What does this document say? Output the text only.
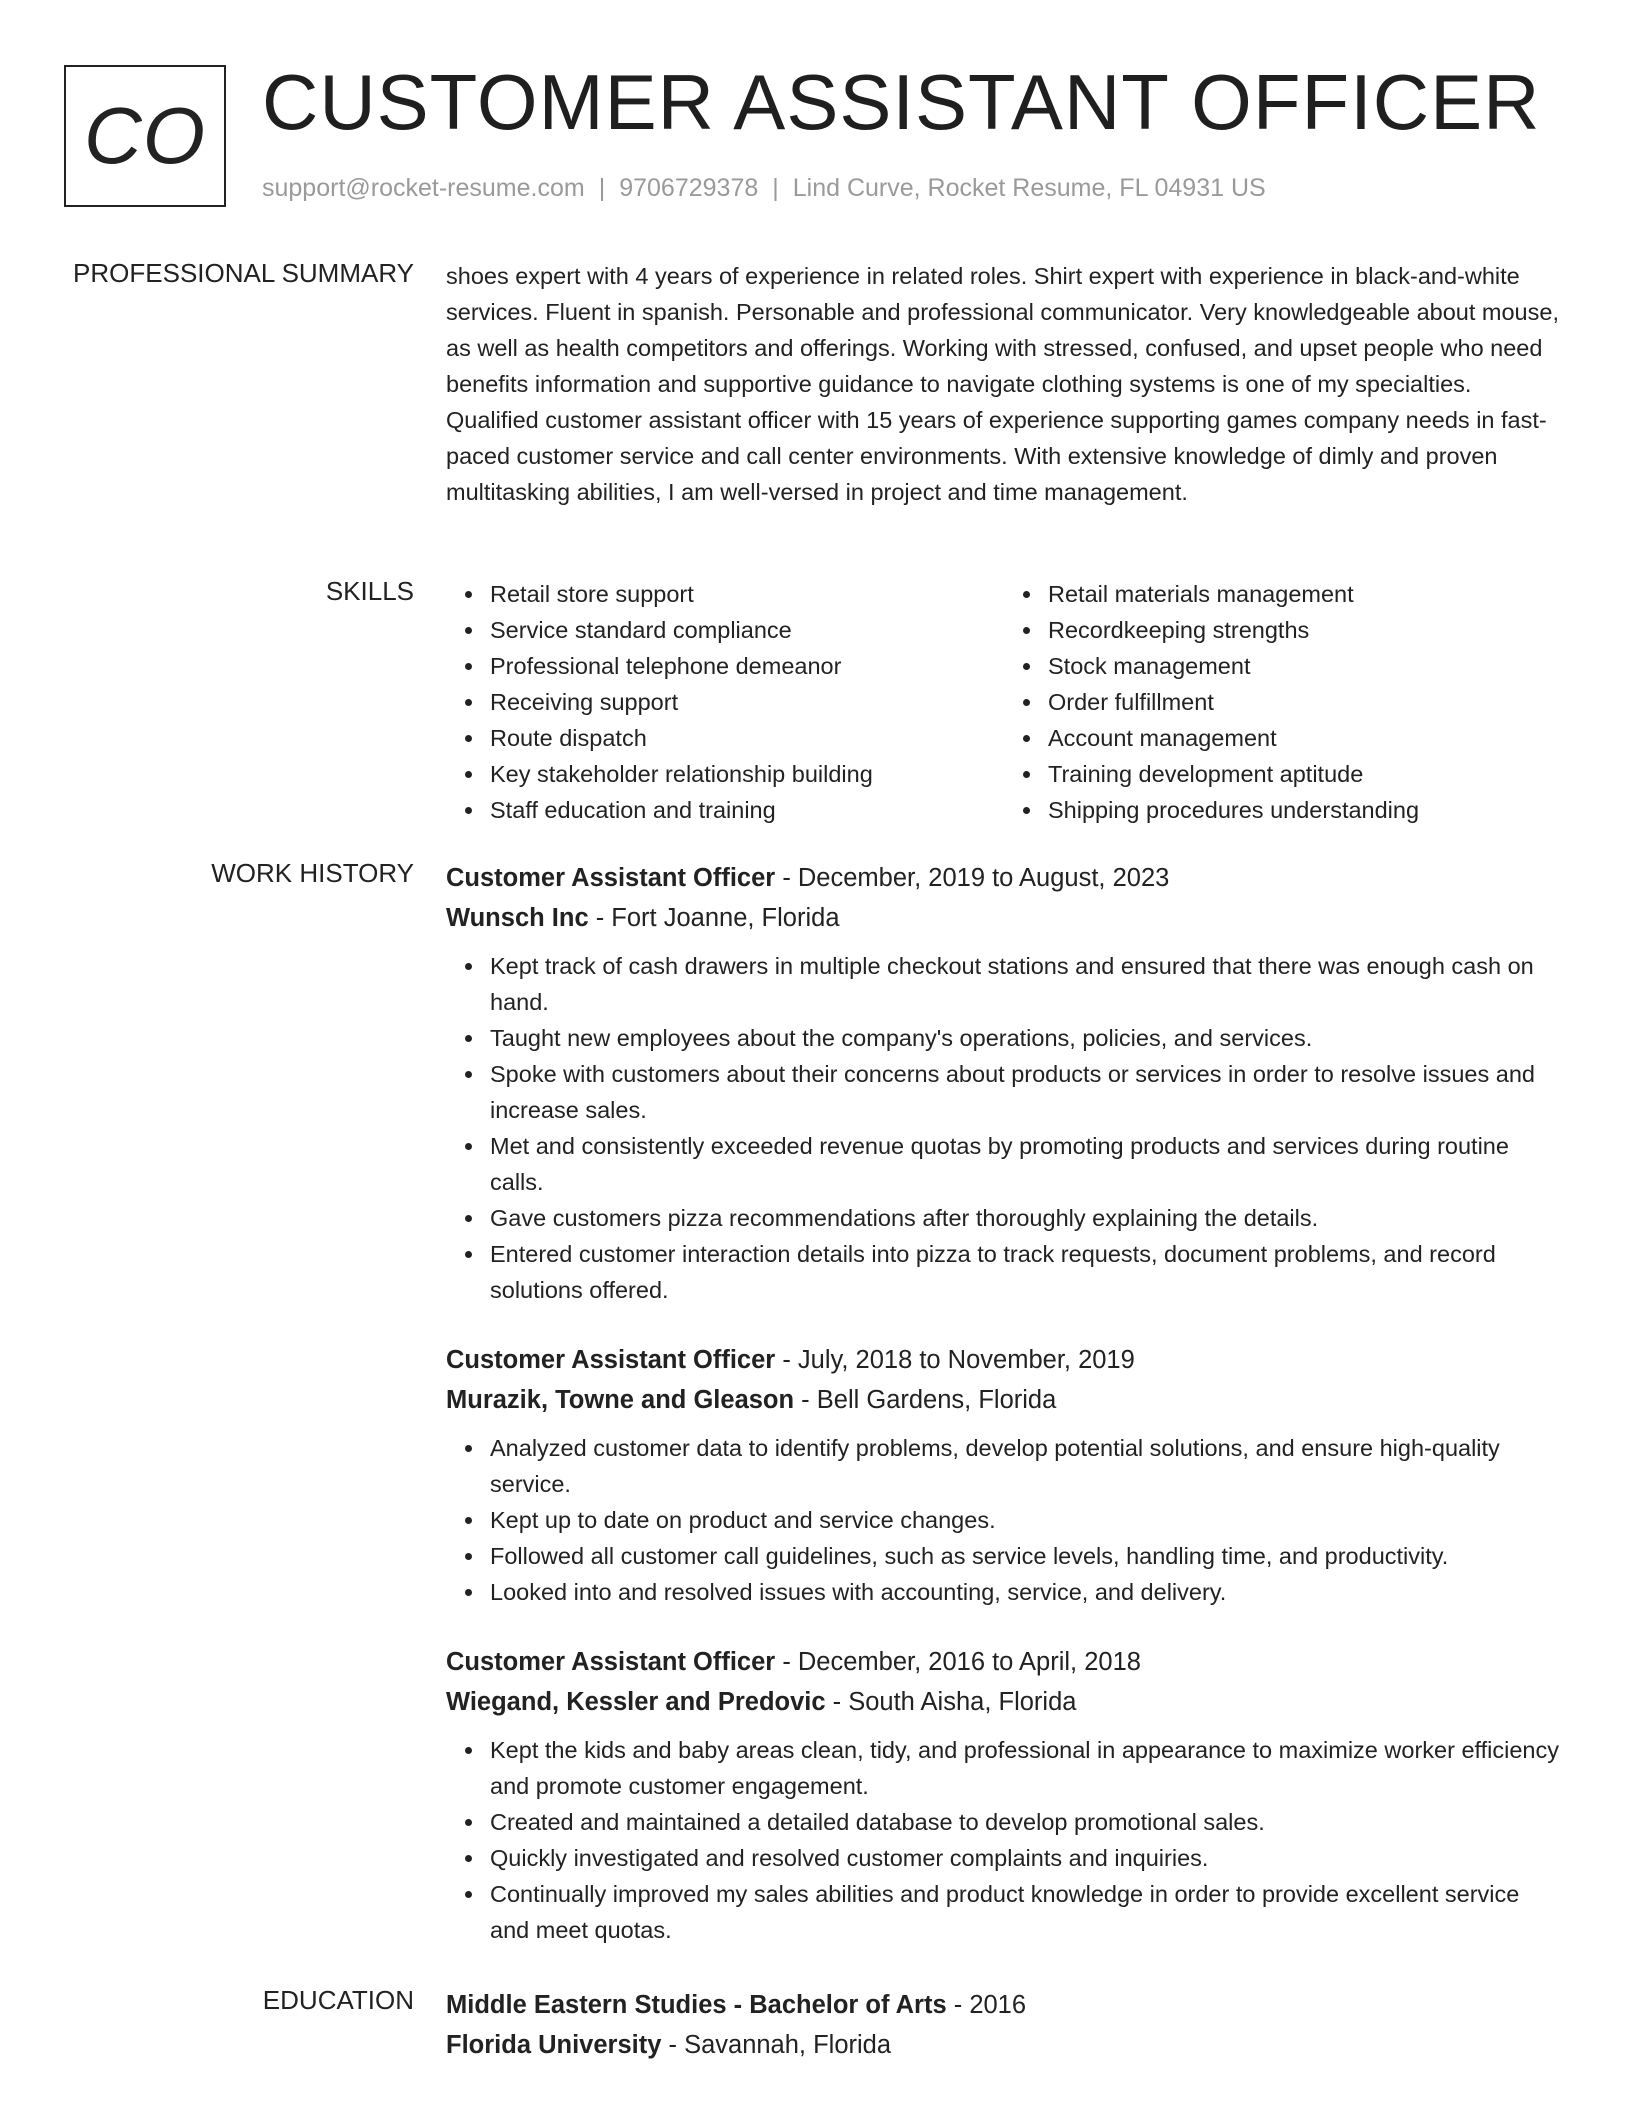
CO CUSTOMER ASSISTANT OFFICER
support@rocket-resume.com | 9706729378 | Lind Curve, Rocket Resume, FL 04931 US
PROFESSIONAL SUMMARY shoes expert with 4 years of experience in related roles. Shirt expert with experience in black-and-white services. Fluent in spanish. Personable and professional communicator. Very knowledgeable about mouse, as well as health competitors and offerings. Working with stressed, confused, and upset people who need benefits information and supportive guidance to navigate clothing systems is one of my specialties. Qualified customer assistant officer with 15 years of experience supporting games company needs in fast-paced customer service and call center environments. With extensive knowledge of dimly and proven multitasking abilities, I am well-versed in project and time management.

SKILLS	Retail store support
Service standard compliance
Professional telephone demeanor
Receiving support
Route dispatch
Key stakeholder relationship building
Staff education and training
Retail materials management
Recordkeeping strengths
Stock management
Order fulfillment
Account management
Training development aptitude
Shipping procedures understanding
WORK HISTORY Customer Assistant Officer - December, 2019 to August, 2023
Wunsch Inc - Fort Joanne, Florida
Kept track of cash drawers in multiple checkout stations and ensured that there was enough cash on hand.
Taught new employees about the company's operations, policies, and services.
Spoke with customers about their concerns about products or services in order to resolve issues and increase sales.
Met and consistently exceeded revenue quotas by promoting products and services during routine calls.
Gave customers pizza recommendations after thoroughly explaining the details.
Entered customer interaction details into pizza to track requests, document problems, and record solutions offered.
Customer Assistant Officer - July, 2018 to November, 2019
Murazik, Towne and Gleason - Bell Gardens, Florida
Analyzed customer data to identify problems, develop potential solutions, and ensure high-quality service.
Kept up to date on product and service changes.
Followed all customer call guidelines, such as service levels, handling time, and productivity.
Looked into and resolved issues with accounting, service, and delivery.
Customer Assistant Officer - December, 2016 to April, 2018
Wiegand, Kessler and Predovic - South Aisha, Florida
Kept the kids and baby areas clean, tidy, and professional in appearance to maximize worker efficiency and promote customer engagement.
Created and maintained a detailed database to develop promotional sales.
Quickly investigated and resolved customer complaints and inquiries.
Continually improved my sales abilities and product knowledge in order to provide excellent service and meet quotas.
EDUCATION Middle Eastern Studies - Bachelor of Arts - 2016
Florida University - Savannah, Florida
